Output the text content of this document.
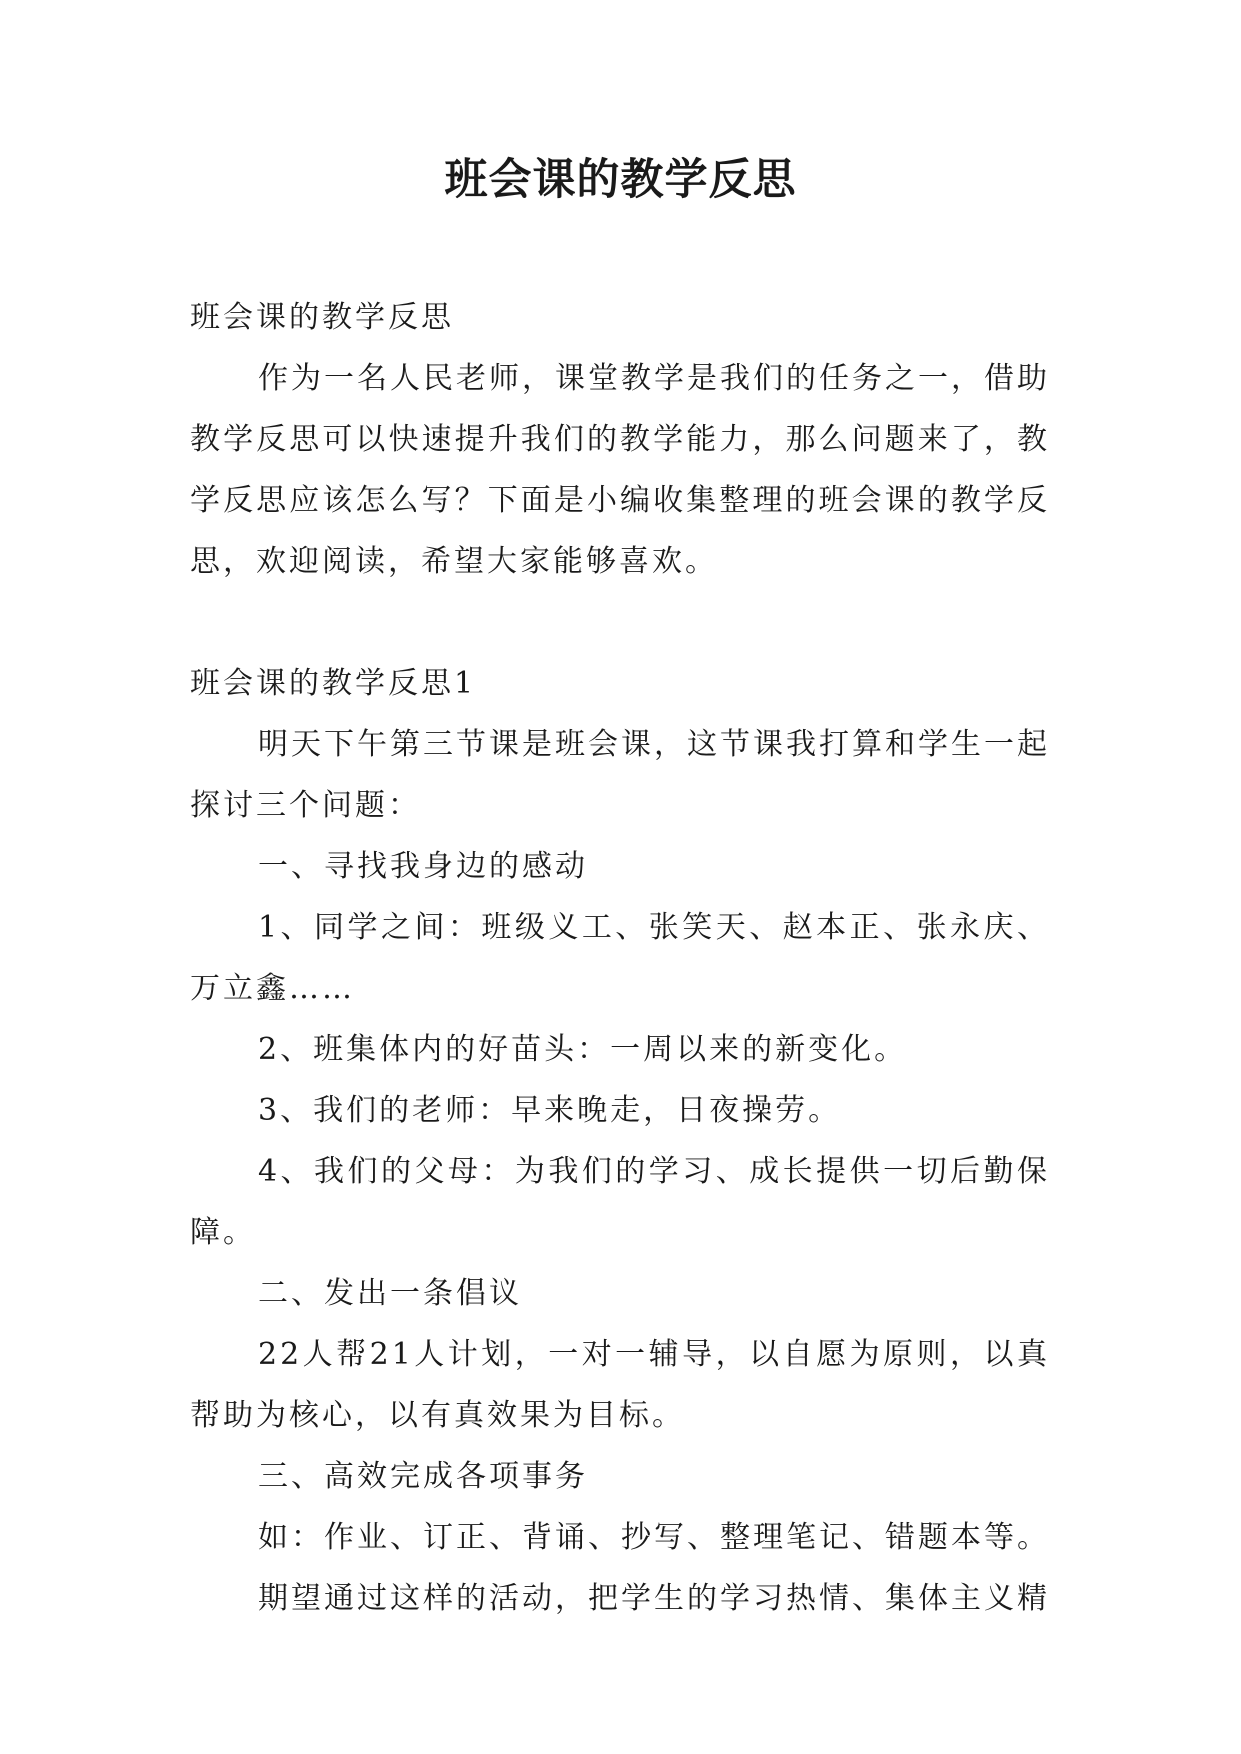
班会课的教学反思

班会课的教学反思

作为一名人民老师，课堂教学是我们的任务之一，借助教学反思可以快速提升我们的教学能力，那么问题来了，教学反思应该怎么写？下面是小编收集整理的班会课的教学反思，欢迎阅读，希望大家能够喜欢。

班会课的教学反思1

明天下午第三节课是班会课，这节课我打算和学生一起探讨三个问题：

一、寻找我身边的感动

1、同学之间：班级义工、张笑天、赵本正、张永庆、万立鑫……

2、班集体内的好苗头：一周以来的新变化。

3、我们的老师：早来晚走，日夜操劳。

4、我们的父母：为我们的学习、成长提供一切后勤保障。

二、发出一条倡议

22人帮21人计划，一对一辅导，以自愿为原则，以真帮助为核心，以有真效果为目标。

三、高效完成各项事务

如：作业、订正、背诵、抄写、整理笔记、错题本等。

期望通过这样的活动，把学生的学习热情、集体主义精
